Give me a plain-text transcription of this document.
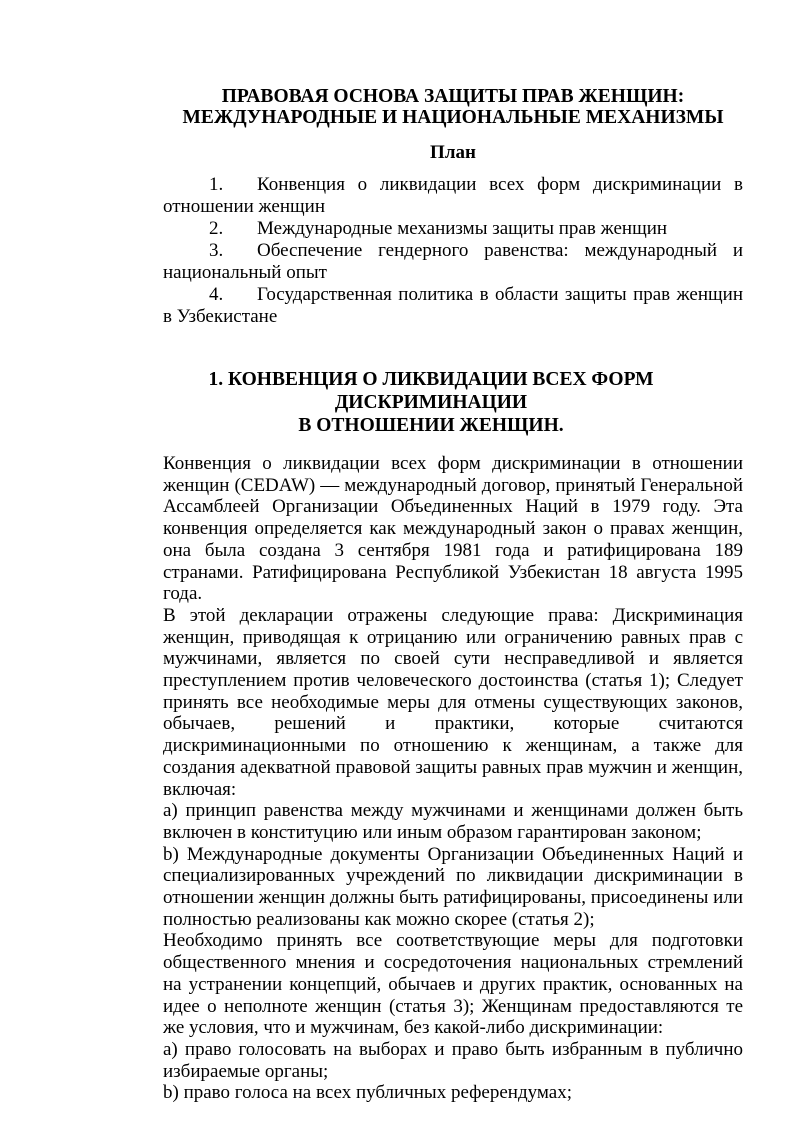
ПРАВОВАЯ ОСНОВА ЗАЩИТЫ ПРАВ ЖЕНЩИН:
МЕЖДУНАРОДНЫЕ И НАЦИОНАЛЬНЫЕ МЕХАНИЗМЫ
План

1. Конвенция о ликвидации всех форм дискриминации в отношении женщин

2. Международные механизмы защиты прав женщин

3. Обеспечение гендерного равенства: международный и национальный опыт

4. Государственная политика в области защиты прав женщин в Узбекистане

1. КОНВЕНЦИЯ О ЛИКВИДАЦИИ ВСЕХ ФОРМ ДИСКРИМИНАЦИИ
В ОТНОШЕНИИ ЖЕНЩИН.

Конвенция о ликвидации всех форм дискриминации в отношении женщин (CEDAW) — международный договор, принятый Генеральной Ассамблеей Организации Объединенных Наций в 1979 году. Эта конвенция определяется как международный закон о правах женщин, она была создана 3 сентября 1981 года и ратифицирована 189 странами. Ратифицирована Республикой Узбекистан 18 августа 1995 года.

В этой декларации отражены следующие права: Дискриминация женщин, приводящая к отрицанию или ограничению равных прав с мужчинами, является по своей сути несправедливой и является преступлением против человеческого достоинства (статья 1); Следует принять все необходимые меры для отмены существующих законов, обычаев, решений и практики, которые считаются дискриминационными по отношению к женщинам, а также для создания адекватной правовой защиты равных прав мужчин и женщин, включая:

а) принцип равенства между мужчинами и женщинами должен быть включен в конституцию или иным образом гарантирован законом;

b) Международные документы Организации Объединенных Наций и специализированных учреждений по ликвидации дискриминации в отношении женщин должны быть ратифицированы, присоединены или полностью реализованы как можно скорее (статья 2);

Необходимо принять все соответствующие меры для подготовки общественного мнения и сосредоточения национальных стремлений на устранении концепций, обычаев и других практик, основанных на идее о неполноте женщин (статья 3); Женщинам предоставляются те же условия, что и мужчинам, без какой-либо дискриминации:

а) право голосовать на выборах и право быть избранным в публично избираемые органы;

b) право голоса на всех публичных референдумах;
